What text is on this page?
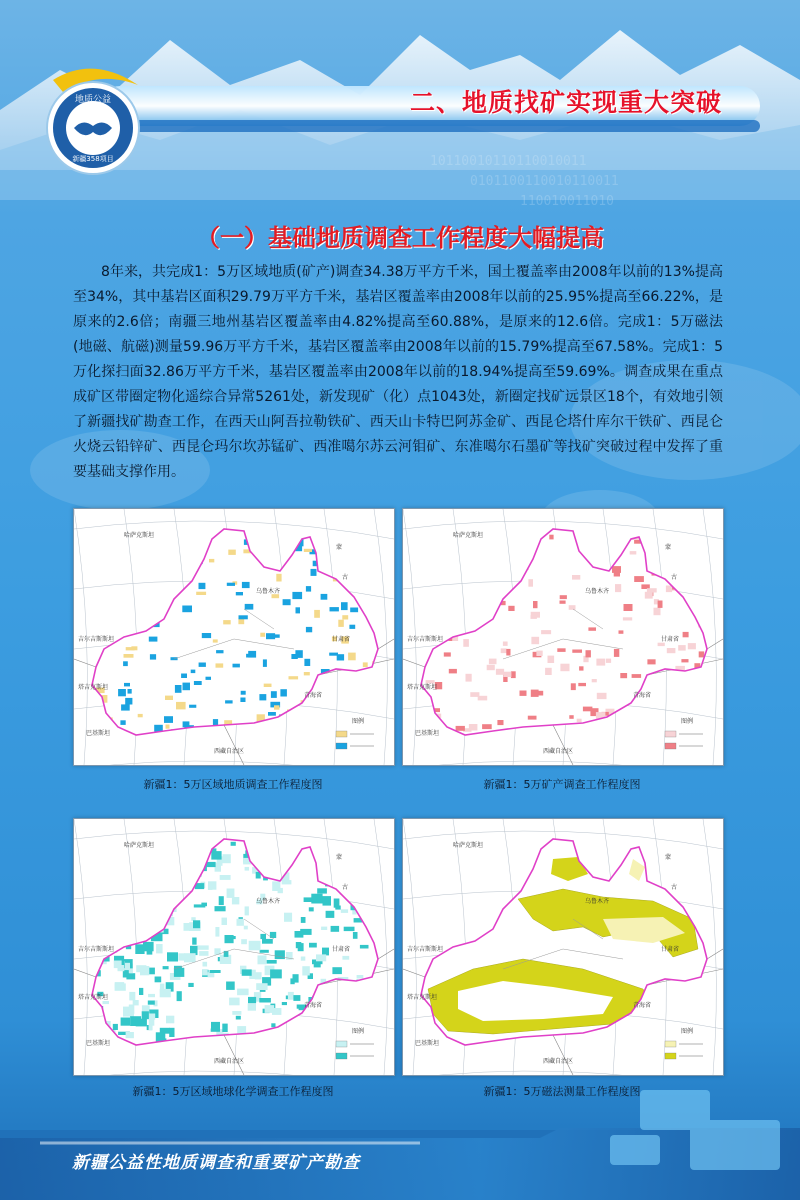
10110010110110010011
0101100110010110011
110010011010
地质公益
新疆358项目
二、地质找矿实现重大突破
（一）基础地质调查工作程度大幅提高

8年来，共完成1：5万区域地质(矿产)调查34.38万平方千米，国土覆盖率由2008年以前的13%提高至34%，其中基岩区面积29.79万平方千米，基岩区覆盖率由2008年以前的25.95%提高至66.22%，是原来的2.6倍；南疆三地州基岩区覆盖率由4.82%提高至60.88%，是原来的12.6倍。完成1：5万磁法(地磁、航磁)测量59.96万平方千米，基岩区覆盖率由2008年以前的15.79%提高至67.58%。完成1：5万化探扫面32.86万平方千米，基岩区覆盖率由2008年以前的18.94%提高至59.69%。调查成果在重点成矿区带圈定物化遥综合异常5261处，新发现矿（化）点1043处，新圈定找矿远景区18个，有效地引领了新疆找矿勘查工作，在西天山阿吾拉勒铁矿、西天山卡特巴阿苏金矿、西昆仑塔什库尔干铁矿、西昆仑火烧云铅锌矿、西昆仑玛尔坎苏锰矿、西准噶尔苏云河钼矿、东准噶尔石墨矿等找矿突破过程中发挥了重要基础支撑作用。

哈萨克斯坦
蒙
古
吉尔吉斯斯坦
塔吉克斯坦
甘肃省
青海省
西藏自治区
巴基斯坦
乌鲁木齐
图例
新疆1：5万区域地质调查工作程度图
哈萨克斯坦
蒙
古
吉尔吉斯斯坦
塔吉克斯坦
甘肃省
青海省
西藏自治区
巴基斯坦
乌鲁木齐
图例
新疆1：5万矿产调查工作程度图
哈萨克斯坦
蒙
古
吉尔吉斯斯坦
塔吉克斯坦
甘肃省
青海省
西藏自治区
巴基斯坦
乌鲁木齐
图例
新疆1：5万区域地球化学调查工作程度图
哈萨克斯坦
蒙
古
吉尔吉斯斯坦
塔吉克斯坦
甘肃省
青海省
西藏自治区
巴基斯坦
乌鲁木齐
图例
新疆1：5万磁法测量工作程度图
新疆公益性地质调查和重要矿产勘查
